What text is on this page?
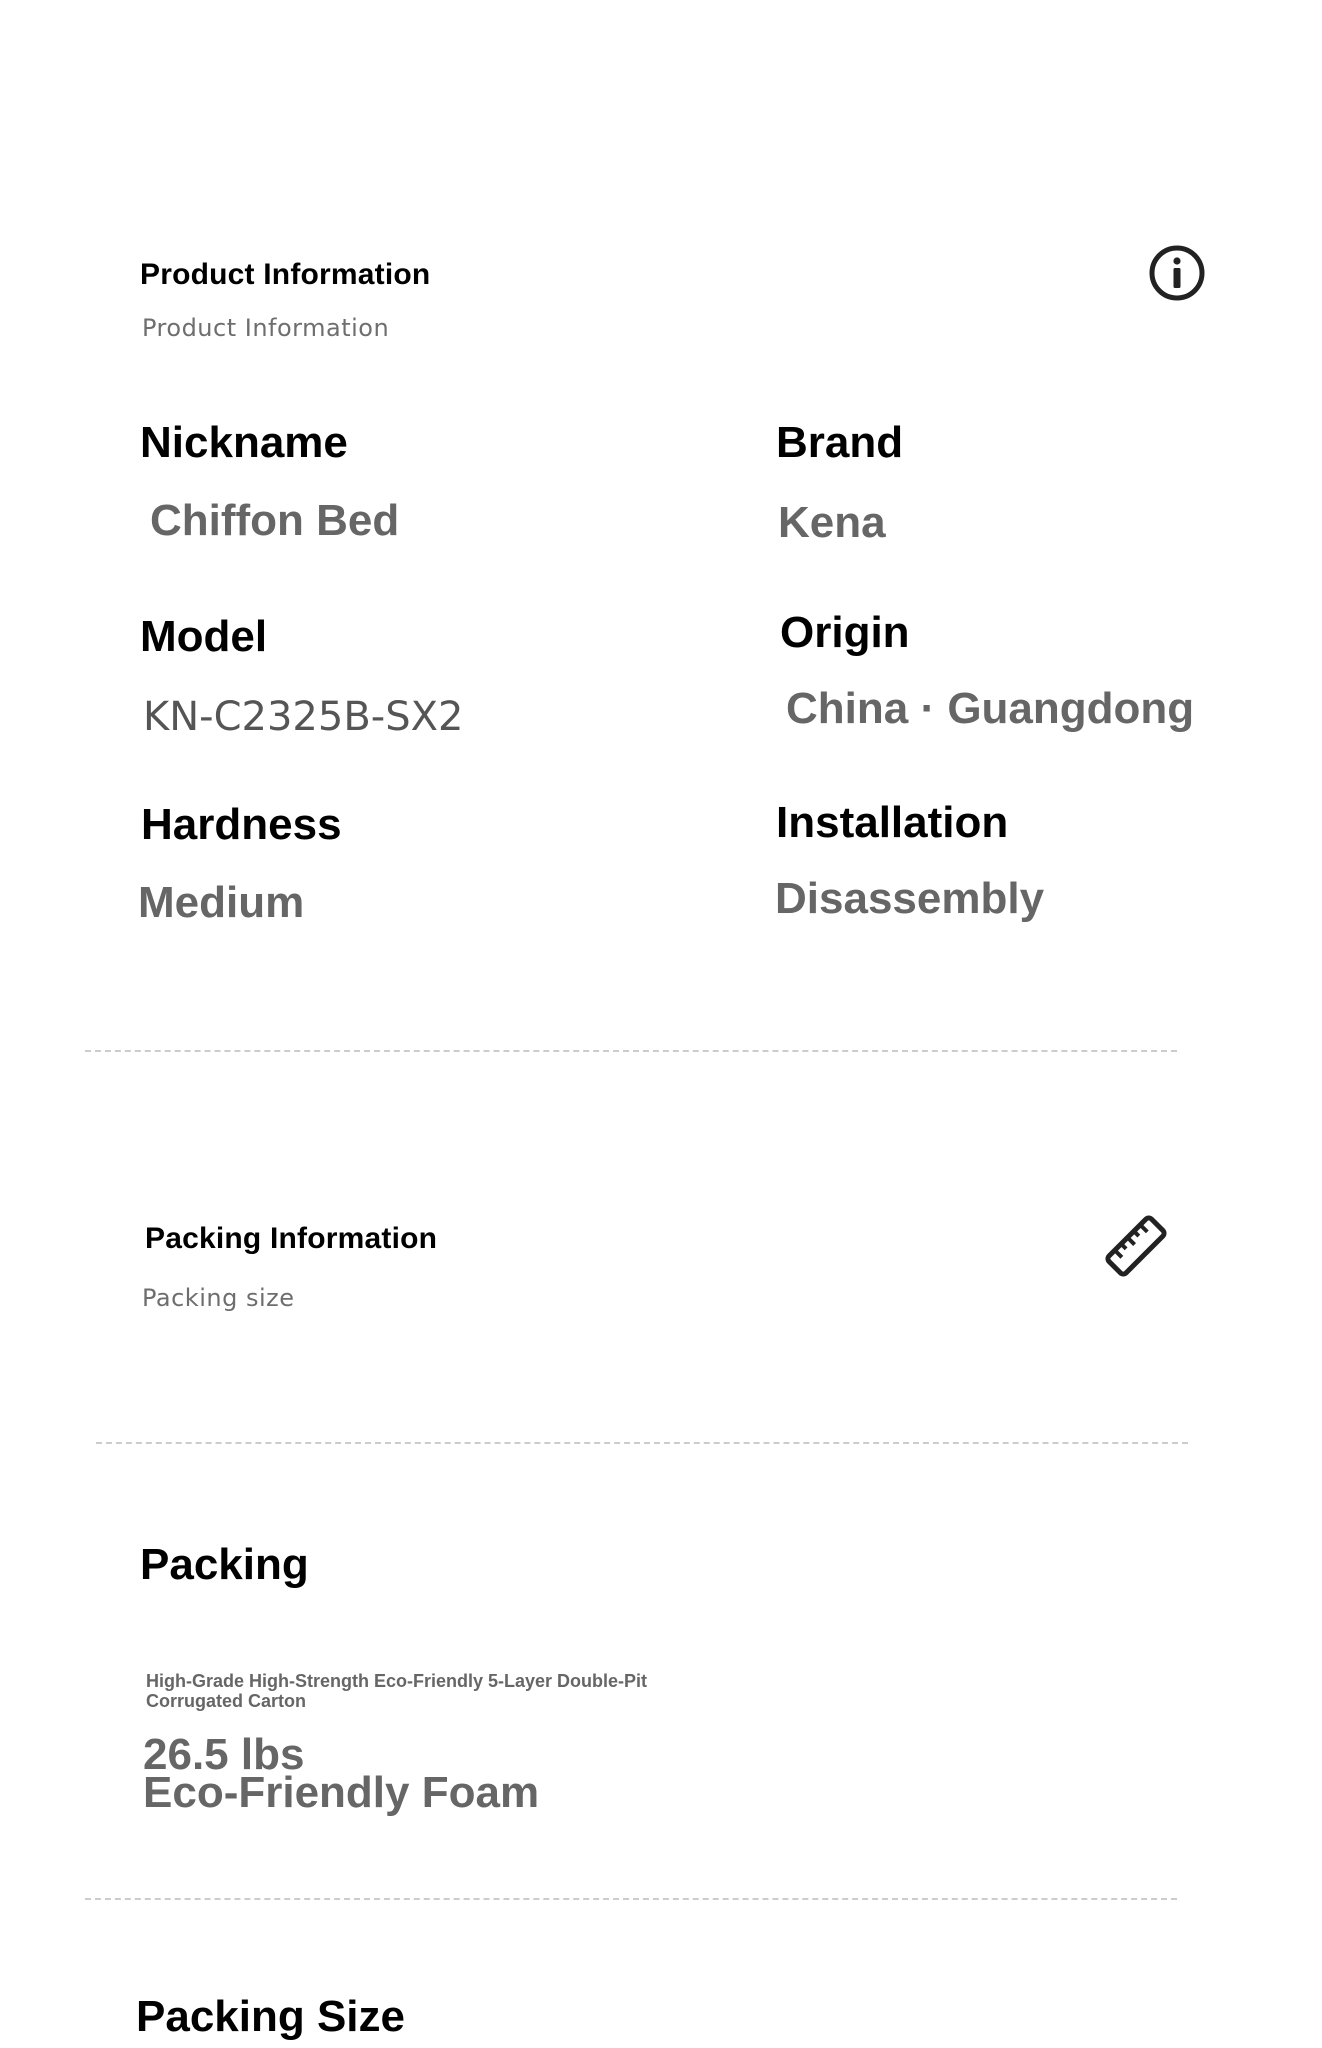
Product Information
Product Information
Nickname
Chiffon Bed
Brand
Kena
Model
KN-C2325B-SX2
Origin
China · Guangdong
Hardness
Medium
Installation
Disassembly
Packing Information
Packing size
Packing
High-Grade High-Strength Eco-Friendly 5-Layer Double-Pit Corrugated Carton
26.5 lbs
Eco-Friendly Foam
Packing Size
